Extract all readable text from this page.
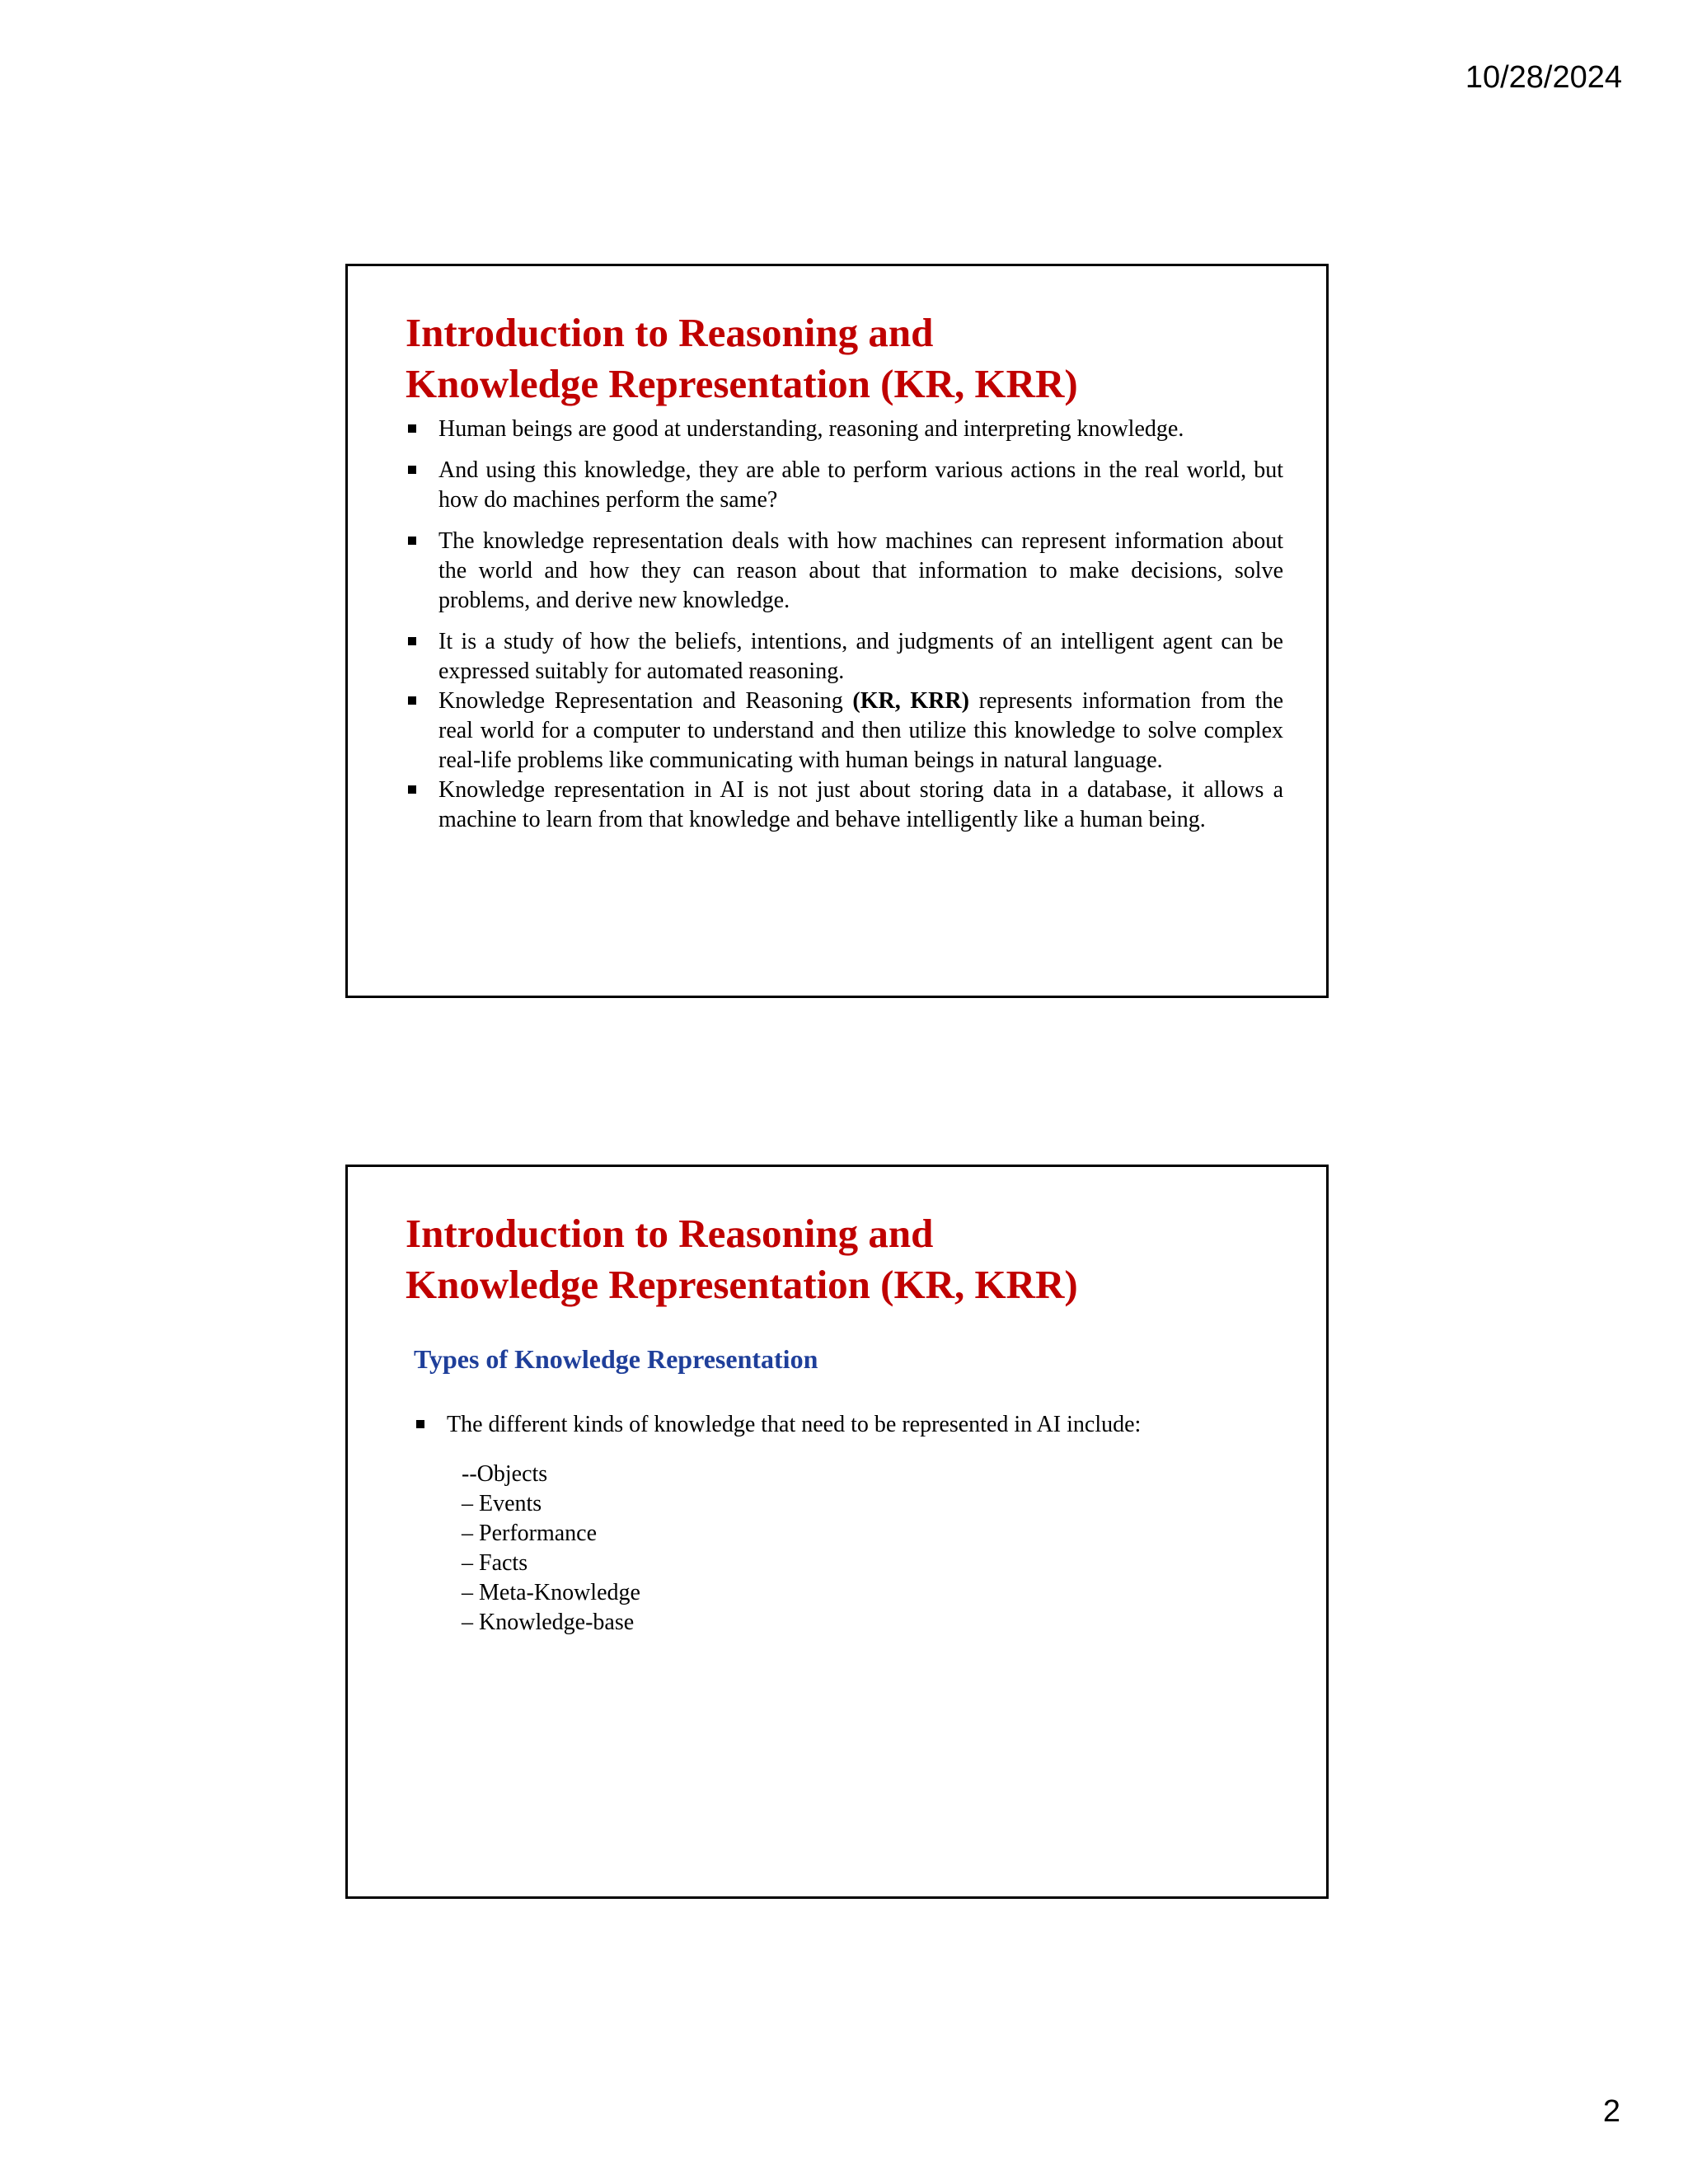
10/28/2024
Introduction to Reasoning and
Knowledge Representation (KR, KRR)
Human beings are good at understanding, reasoning and interpreting knowledge.
And using this knowledge, they are able to perform various actions in the real world, but how do machines perform the same?
The knowledge representation deals with how machines can represent information about the world and how they can reason about that information to make decisions, solve problems, and derive new knowledge.
It is a study of how the beliefs, intentions, and judgments of an intelligent agent can be expressed suitably for automated reasoning.
Knowledge Representation and Reasoning (KR, KRR) represents information from the real world for a computer to understand and then utilize this knowledge to solve complex real-life problems like communicating with human beings in natural language.
Knowledge representation in AI is not just about storing data in a database, it allows a machine to learn from that knowledge and behave intelligently like a human being.
Introduction to Reasoning and
Knowledge Representation (KR, KRR)
Types of Knowledge Representation
The different kinds of knowledge that need to be represented in AI include:
--Objects
– Events
– Performance
– Facts
– Meta-Knowledge
– Knowledge-base
2
